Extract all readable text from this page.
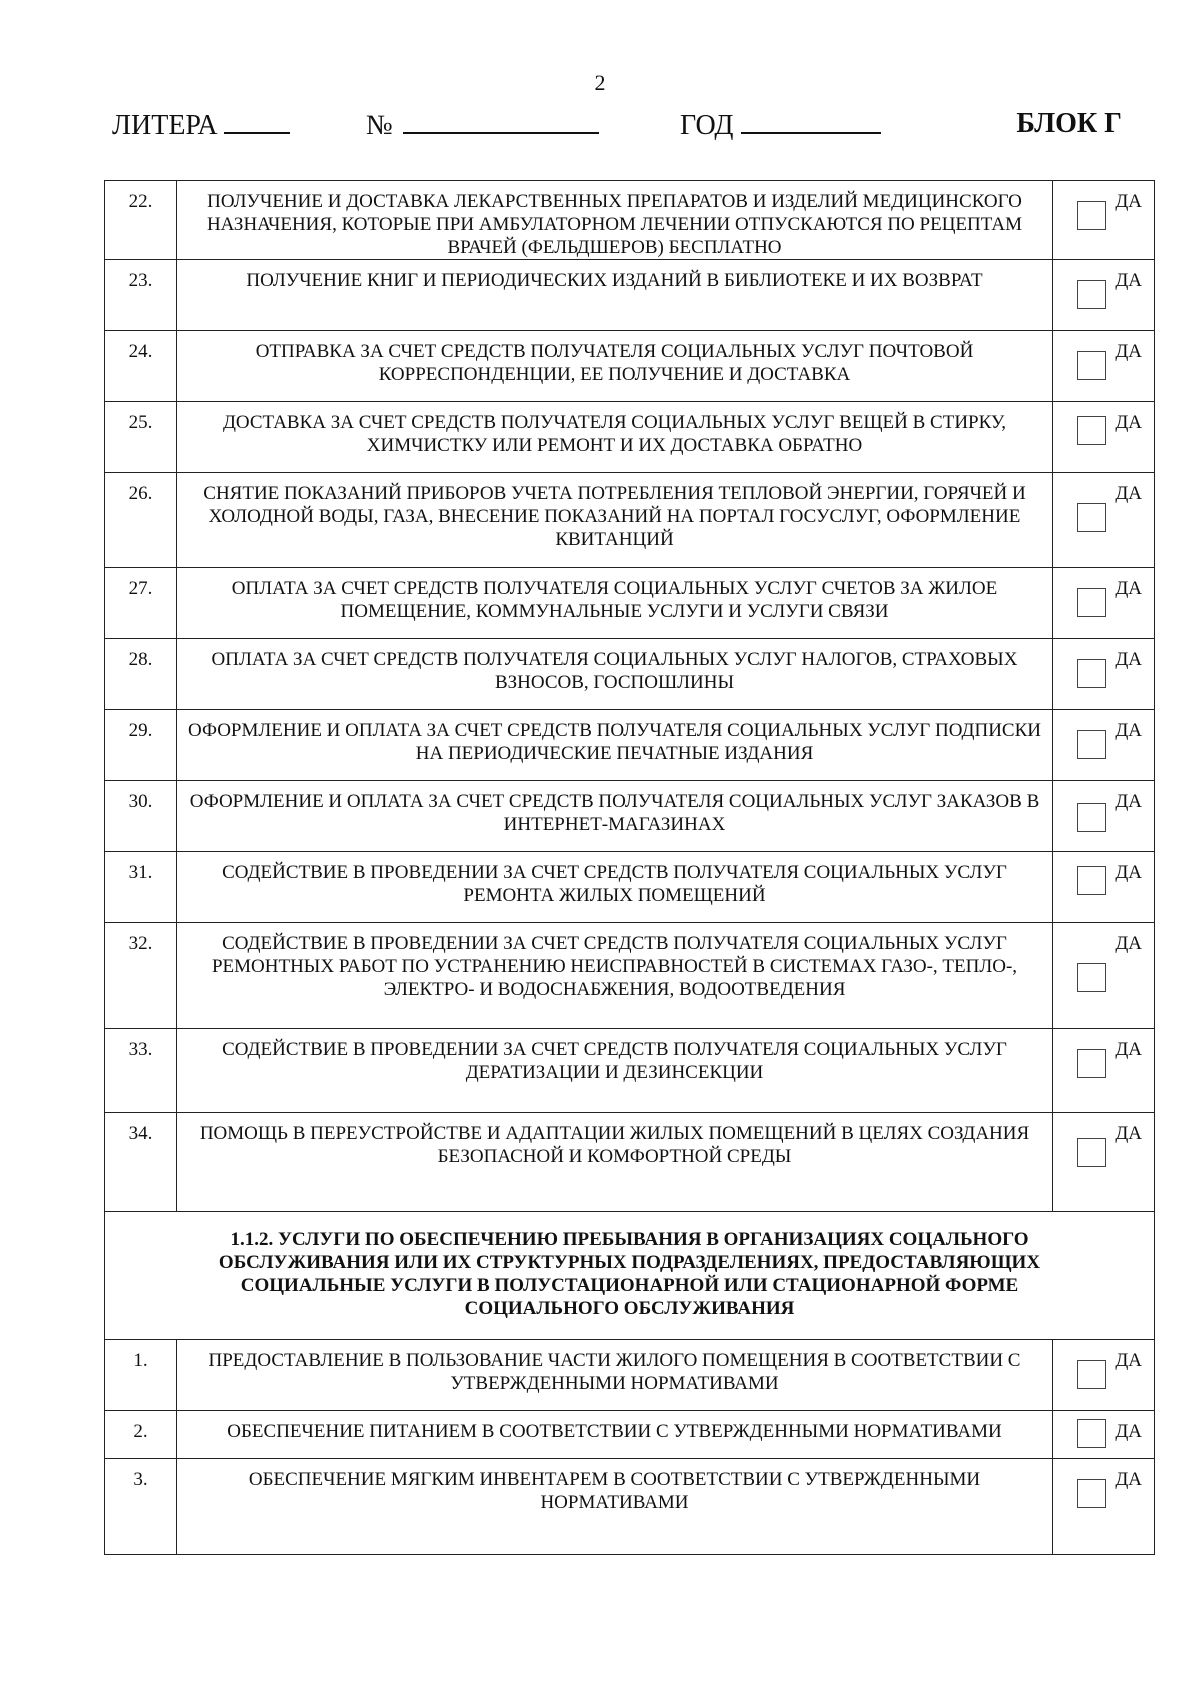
2
ЛИТЕРА	№	ГОД	БЛОК Г
22.	ПОЛУЧЕНИЕ И ДОСТАВКА ЛЕКАРСТВЕННЫХ ПРЕПАРАТОВ И ИЗДЕЛИЙ МЕДИЦИНСКОГО НАЗНАЧЕНИЯ, КОТОРЫЕ ПРИ АМБУЛАТОРНОМ ЛЕЧЕНИИ ОТПУСКАЮТСЯ ПО РЕЦЕПТАМ ВРАЧЕЙ (ФЕЛЬДШЕРОВ) БЕСПЛАТНО	ДА

23.	ПОЛУЧЕНИЕ КНИГ И ПЕРИОДИЧЕСКИХ ИЗДАНИЙ В БИБЛИОТЕКЕ И ИХ ВОЗВРАТ	ДА

24.	ОТПРАВКА ЗА СЧЕТ СРЕДСТВ ПОЛУЧАТЕЛЯ СОЦИАЛЬНЫХ УСЛУГ ПОЧТОВОЙ КОРРЕСПОНДЕНЦИИ, ЕЕ ПОЛУЧЕНИЕ И ДОСТАВКА	ДА

25.	ДОСТАВКА ЗА СЧЕТ СРЕДСТВ ПОЛУЧАТЕЛЯ СОЦИАЛЬНЫХ УСЛУГ ВЕЩЕЙ В СТИРКУ, ХИМЧИСТКУ ИЛИ РЕМОНТ И ИХ ДОСТАВКА ОБРАТНО	ДА

26.	СНЯТИЕ ПОКАЗАНИЙ ПРИБОРОВ УЧЕТА ПОТРЕБЛЕНИЯ ТЕПЛОВОЙ ЭНЕРГИИ, ГОРЯЧЕЙ И ХОЛОДНОЙ ВОДЫ, ГАЗА, ВНЕСЕНИЕ ПОКАЗАНИЙ НА ПОРТАЛ ГОСУСЛУГ, ОФОРМЛЕНИЕ КВИТАНЦИЙ	ДА

27.	ОПЛАТА ЗА СЧЕТ СРЕДСТВ ПОЛУЧАТЕЛЯ СОЦИАЛЬНЫХ УСЛУГ СЧЕТОВ ЗА ЖИЛОЕ ПОМЕЩЕНИЕ, КОММУНАЛЬНЫЕ УСЛУГИ И УСЛУГИ СВЯЗИ	ДА

28.	ОПЛАТА ЗА СЧЕТ СРЕДСТВ ПОЛУЧАТЕЛЯ СОЦИАЛЬНЫХ УСЛУГ НАЛОГОВ, СТРАХОВЫХ ВЗНОСОВ, ГОСПОШЛИНЫ	ДА

29.	ОФОРМЛЕНИЕ И ОПЛАТА ЗА СЧЕТ СРЕДСТВ ПОЛУЧАТЕЛЯ СОЦИАЛЬНЫХ УСЛУГ ПОДПИСКИ НА ПЕРИОДИЧЕСКИЕ ПЕЧАТНЫЕ ИЗДАНИЯ	ДА

30.	ОФОРМЛЕНИЕ И ОПЛАТА ЗА СЧЕТ СРЕДСТВ ПОЛУЧАТЕЛЯ СОЦИАЛЬНЫХ УСЛУГ ЗАКАЗОВ В ИНТЕРНЕТ-МАГАЗИНАХ	ДА

31.	СОДЕЙСТВИЕ В ПРОВЕДЕНИИ ЗА СЧЕТ СРЕДСТВ ПОЛУЧАТЕЛЯ СОЦИАЛЬНЫХ УСЛУГ РЕМОНТА ЖИЛЫХ ПОМЕЩЕНИЙ	ДА

32.	СОДЕЙСТВИЕ В ПРОВЕДЕНИИ ЗА СЧЕТ СРЕДСТВ ПОЛУЧАТЕЛЯ СОЦИАЛЬНЫХ УСЛУГ РЕМОНТНЫХ РАБОТ ПО УСТРАНЕНИЮ НЕИСПРАВНОСТЕЙ В СИСТЕМАХ ГАЗО-, ТЕПЛО-, ЭЛЕКТРО- И ВОДОСНАБЖЕНИЯ, ВОДООТВЕДЕНИЯ	ДА

33.	СОДЕЙСТВИЕ В ПРОВЕДЕНИИ ЗА СЧЕТ СРЕДСТВ ПОЛУЧАТЕЛЯ СОЦИАЛЬНЫХ УСЛУГ ДЕРАТИЗАЦИИ И ДЕЗИНСЕКЦИИ	ДА

34.	ПОМОЩЬ В ПЕРЕУСТРОЙСТВЕ И АДАПТАЦИИ ЖИЛЫХ ПОМЕЩЕНИЙ В ЦЕЛЯХ СОЗДАНИЯ БЕЗОПАСНОЙ И КОМФОРТНОЙ СРЕДЫ	ДА

1.1.2. УСЛУГИ ПО ОБЕСПЕЧЕНИЮ ПРЕБЫВАНИЯ В ОРГАНИЗАЦИЯХ СОЦАЛЬНОГО ОБСЛУЖИВАНИЯ ИЛИ ИХ СТРУКТУРНЫХ ПОДРАЗДЕЛЕНИЯХ, ПРЕДОСТАВЛЯЮЩИХ СОЦИАЛЬНЫЕ УСЛУГИ В ПОЛУСТАЦИОНАРНОЙ ИЛИ СТАЦИОНАРНОЙ ФОРМЕ СОЦИАЛЬНОГО ОБСЛУЖИВАНИЯ		
1.	ПРЕДОСТАВЛЕНИЕ В ПОЛЬЗОВАНИЕ ЧАСТИ ЖИЛОГО ПОМЕЩЕНИЯ В СООТВЕТСТВИИ С УТВЕРЖДЕННЫМИ НОРМАТИВАМИ	ДА

2.	ОБЕСПЕЧЕНИЕ ПИТАНИЕМ В СООТВЕТСТВИИ С УТВЕРЖДЕННЫМИ НОРМАТИВАМИ	ДА

3.	ОБЕСПЕЧЕНИЕ МЯГКИМ ИНВЕНТАРЕМ В СООТВЕТСТВИИ С УТВЕРЖДЕННЫМИ НОРМАТИВАМИ	ДА
